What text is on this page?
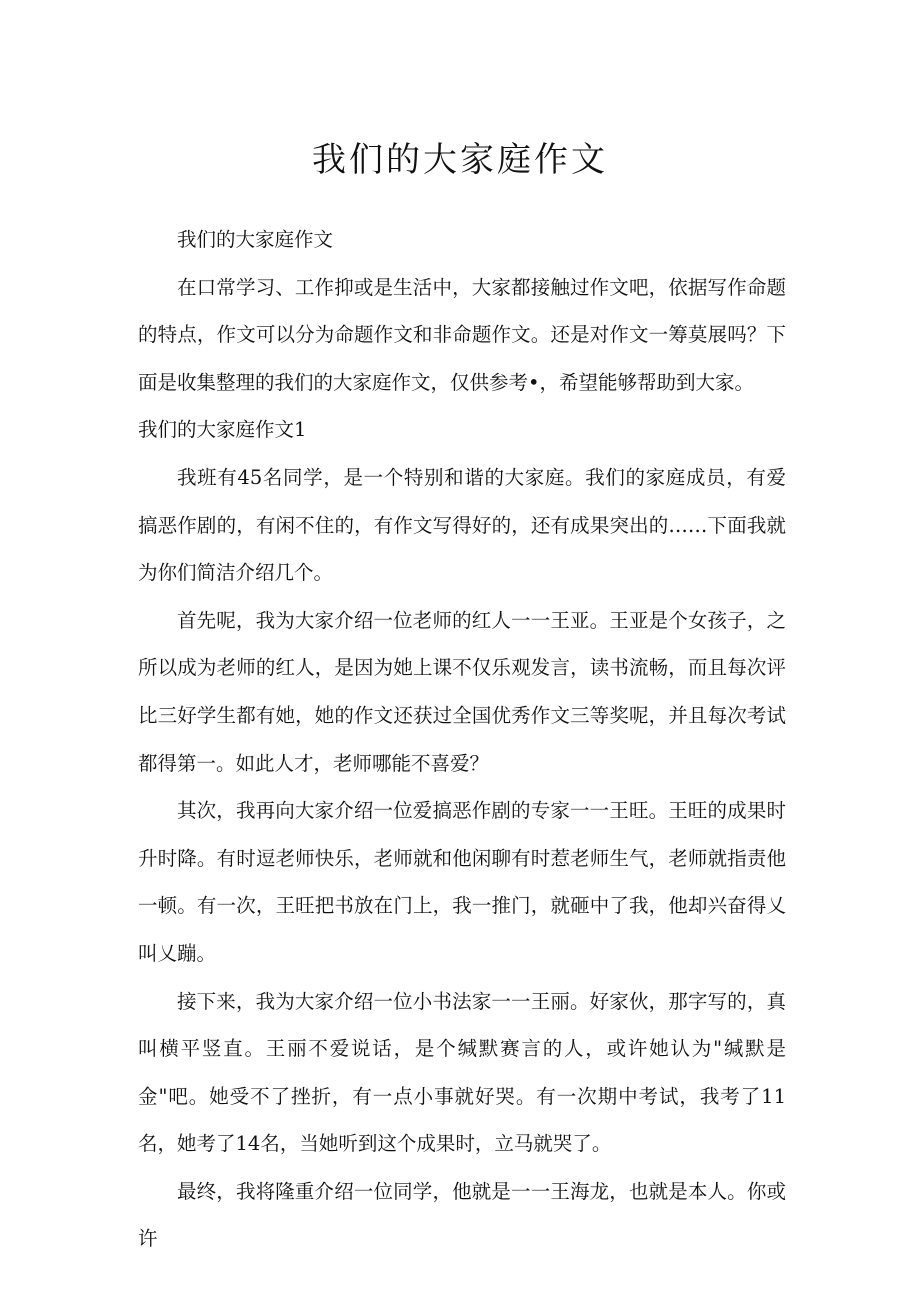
我们的大家庭作文

我们的大家庭作文

在口常学习、工作抑或是生活中，大家都接触过作文吧，依据写作命题的特点，作文可以分为命题作文和非命题作文。还是对作文一筹莫展吗？下面是收集整理的我们的大家庭作文，仅供参考•，希望能够帮助到大家。

我们的大家庭作文1

我班有45名同学，是一个特别和谐的大家庭。我们的家庭成员，有爱搞恶作剧的，有闲不住的，有作文写得好的，还有成果突出的……下面我就为你们简洁介绍几个。

首先呢，我为大家介绍一位老师的红人一一王亚。王亚是个女孩子，之所以成为老师的红人，是因为她上课不仅乐观发言，读书流畅，而且每次评比三好学生都有她，她的作文还获过全国优秀作文三等奖呢，并且每次考试都得第一。如此人才，老师哪能不喜爱？

其次，我再向大家介绍一位爱搞恶作剧的专家一一王旺。王旺的成果时升时降。有时逗老师快乐，老师就和他闲聊有时惹老师生气，老师就指责他一顿。有一次，王旺把书放在门上，我一推门，就砸中了我，他却兴奋得乂叫乂蹦。

接下来，我为大家介绍一位小书法家一一王丽。好家伙，那字写的，真叫横平竖直。王丽不爱说话，是个缄默赛言的人，或许她认为"缄默是金"吧。她受不了挫折，有一点小事就好哭。有一次期中考试，我考了11名，她考了14名，当她听到这个成果时，立马就哭了。

最终，我将隆重介绍一位同学，他就是一一王海龙，也就是本人。你或许
